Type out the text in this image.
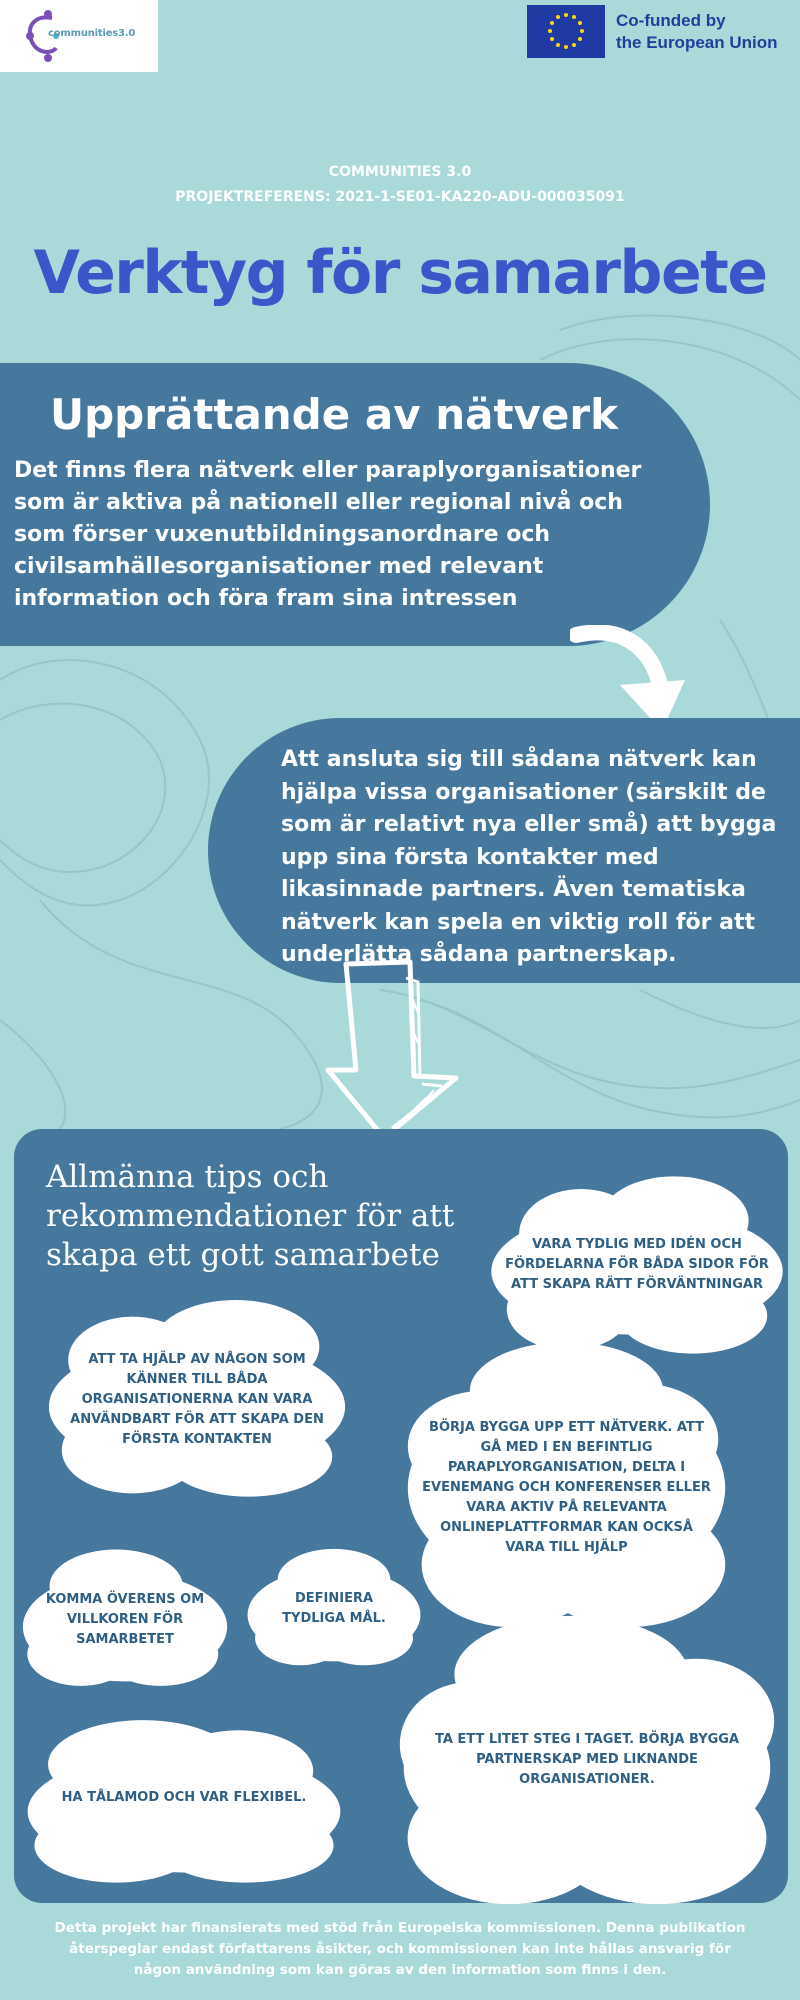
communities3.0
Co-funded by
the European Union
COMMUNITIES 3.0
PROJEKTREFERENS: 2021-1-SE01-KA220-ADU-000035091
Verktyg för samarbete
Upprättande av nätverk
Det finns flera nätverk eller paraplyorganisationer som är aktiva på nationell eller regional nivå och som förser vuxenutbildningsanordnare och civilsamhällesorganisationer med relevant information och föra fram sina intressen
Att ansluta sig till sådana nätverk kan hjälpa vissa organisationer (särskilt de som är relativt nya eller små) att bygga upp sina första kontakter med likasinnade partners. Även tematiska nätverk kan spela en viktig roll för att underlätta sådana partnerskap.
Allmänna tips och rekommendationer för att skapa ett gott samarbete	VARA TYDLIG MED IDÉN OCH FÖRDELARNA FÖR BÅDA SIDOR FÖR ATT SKAPA RÄTT FÖRVÄNTNINGAR
ATT TA HJÄLP AV NÅGON SOM KÄNNER TILL BÅDA ORGANISATIONERNA KAN VARA ANVÄNDBART FÖR ATT SKAPA DEN FÖRSTA KONTAKTEN
BÖRJA BYGGA UPP ETT NÄTVERK. ATT GÅ MED I EN BEFINTLIG PARAPLYORGANISATION, DELTA I EVENEMANG OCH KONFERENSER ELLER VARA AKTIV PÅ RELEVANTA ONLINEPLATTFORMAR KAN OCKSÅ VARA TILL HJÄLP
KOMMA ÖVERENS OM VILLKOREN FÖR SAMARBETET
DEFINIERA TYDLIGA MÅL.
TA ETT LITET STEG I TAGET. BÖRJA BYGGA PARTNERSKAP MED LIKNANDE ORGANISATIONER.
HA TÅLAMOD OCH VAR FLEXIBEL.
Detta projekt har finansierats med stöd från Europeiska kommissionen. Denna publikation återspeglar endast författarens åsikter, och kommissionen kan inte hållas ansvarig för någon användning som kan göras av den information som finns i den.
